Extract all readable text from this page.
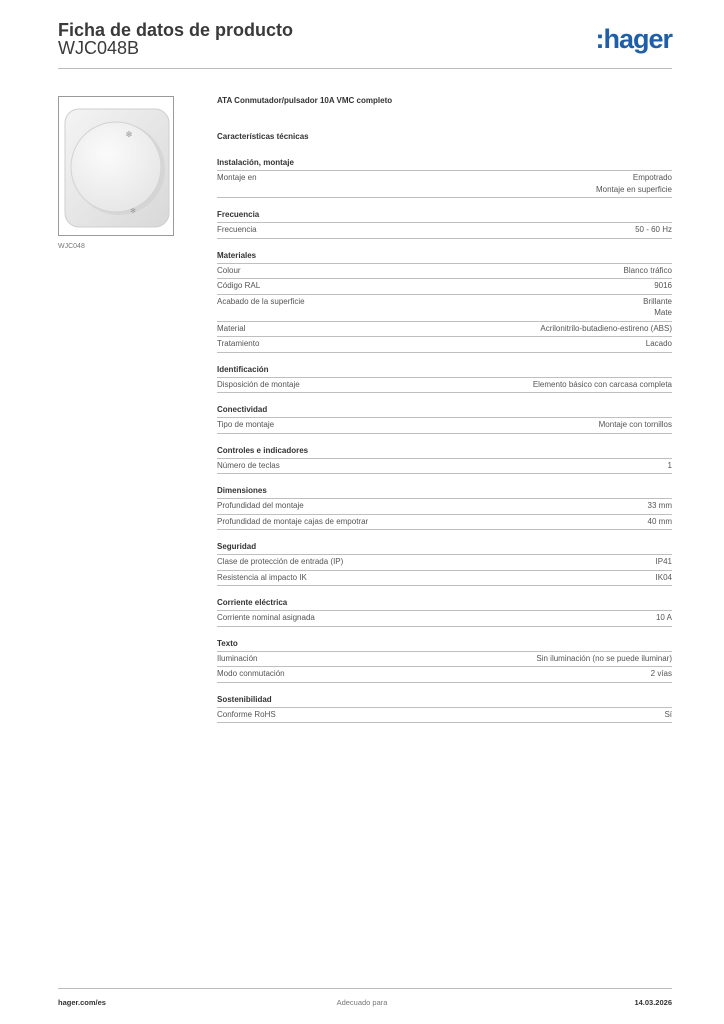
Ficha de datos de producto
WJC048B	:hager
✻
✻
WJC048
ATA Conmutador/pulsador 10A VMC completo
Características técnicas
Instalación, montaje
Montaje en	Empotrado
Montaje en superficie
Frecuencia
Frecuencia	50 - 60 Hz
Materiales
Colour	Blanco tráfico
Código RAL	9016
Acabado de la superficie	Brillante
Mate
Material	Acrilonitrilo-butadieno-estireno (ABS)
Tratamiento	Lacado
Identificación
Disposición de montaje	Elemento básico con carcasa completa
Conectividad
Tipo de montaje	Montaje con tornillos
Controles e indicadores
Número de teclas	1
Dimensiones
Profundidad del montaje	33 mm
Profundidad de montaje cajas de empotrar	40 mm
Seguridad
Clase de protección de entrada (IP)	IP41
Resistencia al impacto IK	IK04
Corriente eléctrica
Corriente nominal asignada	10 A
Texto
Iluminación	Sin iluminación (no se puede iluminar)
Modo conmutación	2 vías
Sostenibilidad
Conforme RoHS	Sí
hager.com/es	Adecuado para	14.03.2026
